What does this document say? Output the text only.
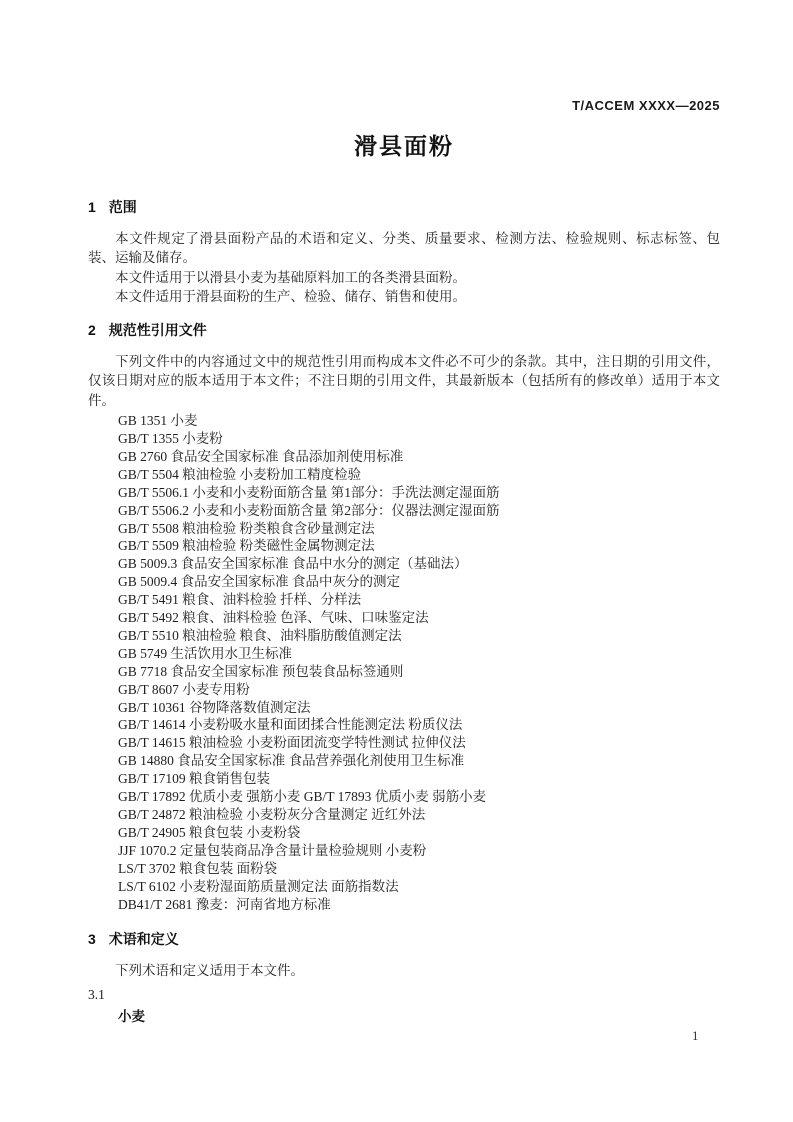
T/ACCEM XXXX—2025
滑县面粉
1 范围

本文件规定了滑县面粉产品的术语和定义、分类、质量要求、检测方法、检验规则、标志标签、包装、运输及储存。

本文件适用于以滑县小麦为基础原料加工的各类滑县面粉。

本文件适用于滑县面粉的生产、检验、储存、销售和使用。

2 规范性引用文件

下列文件中的内容通过文中的规范性引用而构成本文件必不可少的条款。其中，注日期的引用文件，仅该日期对应的版本适用于本文件；不注日期的引用文件，其最新版本（包括所有的修改单）适用于本文件。

GB 1351 小麦
GB/T 1355 小麦粉
GB 2760 食品安全国家标准 食品添加剂使用标准
GB/T 5504 粮油检验 小麦粉加工精度检验
GB/T 5506.1 小麦和小麦粉面筋含量 第1部分：手洗法测定湿面筋
GB/T 5506.2 小麦和小麦粉面筋含量 第2部分：仪器法测定湿面筋
GB/T 5508 粮油检验 粉类粮食含砂量测定法
GB/T 5509 粮油检验 粉类磁性金属物测定法
GB 5009.3 食品安全国家标准 食品中水分的测定（基础法）
GB 5009.4 食品安全国家标准 食品中灰分的测定
GB/T 5491 粮食、油料检验 扦样、分样法
GB/T 5492 粮食、油料检验 色泽、气味、口味鉴定法
GB/T 5510 粮油检验 粮食、油料脂肪酸值测定法
GB 5749 生活饮用水卫生标准
GB 7718 食品安全国家标准 预包装食品标签通则
GB/T 8607 小麦专用粉
GB/T 10361 谷物降落数值测定法
GB/T 14614 小麦粉吸水量和面团揉合性能测定法 粉质仪法
GB/T 14615 粮油检验 小麦粉面团流变学特性测试 拉伸仪法
GB 14880 食品安全国家标准 食品营养强化剂使用卫生标准
GB/T 17109 粮食销售包装
GB/T 17892 优质小麦 强筋小麦 GB/T 17893 优质小麦 弱筋小麦
GB/T 24872 粮油检验 小麦粉灰分含量测定 近红外法
GB/T 24905 粮食包装 小麦粉袋
JJF 1070.2 定量包装商品净含量计量检验规则 小麦粉
LS/T 3702 粮食包装 面粉袋
LS/T 6102 小麦粉湿面筋质量测定法 面筋指数法
DB41/T 2681 豫麦：河南省地方标准
3 术语和定义

下列术语和定义适用于本文件。

3.1
小麦
1
